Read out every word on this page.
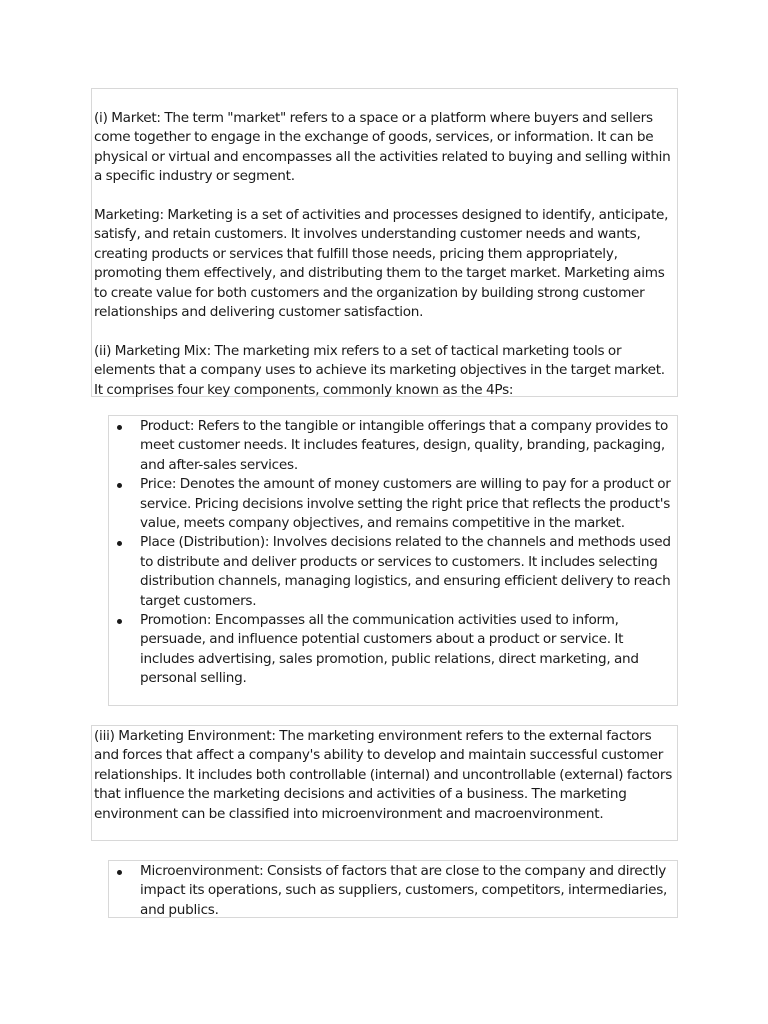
(i) Market: The term "market" refers to a space or a platform where buyers and sellers come together to engage in the exchange of goods, services, or information. It can be physical or virtual and encompasses all the activities related to buying and selling within a specific industry or segment.

Marketing: Marketing is a set of activities and processes designed to identify, anticipate, satisfy, and retain customers. It involves understanding customer needs and wants, creating products or services that fulfill those needs, pricing them appropriately, promoting them effectively, and distributing them to the target market. Marketing aims to create value for both customers and the organization by building strong customer relationships and delivering customer satisfaction.

(ii) Marketing Mix: The marketing mix refers to a set of tactical marketing tools or elements that a company uses to achieve its marketing objectives in the target market. It comprises four key components, commonly known as the 4Ps:

Product: Refers to the tangible or intangible offerings that a company provides to meet customer needs. It includes features, design, quality, branding, packaging, and after-sales services.
Price: Denotes the amount of money customers are willing to pay for a product or service. Pricing decisions involve setting the right price that reflects the product's value, meets company objectives, and remains competitive in the market.
Place (Distribution): Involves decisions related to the channels and methods used to distribute and deliver products or services to customers. It includes selecting distribution channels, managing logistics, and ensuring efficient delivery to reach target customers.
Promotion: Encompasses all the communication activities used to inform, persuade, and influence potential customers about a product or service. It includes advertising, sales promotion, public relations, direct marketing, and personal selling.

(iii) Marketing Environment: The marketing environment refers to the external factors and forces that affect a company's ability to develop and maintain successful customer relationships. It includes both controllable (internal) and uncontrollable (external) factors that influence the marketing decisions and activities of a business. The marketing environment can be classified into microenvironment and macroenvironment.

Microenvironment: Consists of factors that are close to the company and directly impact its operations, such as suppliers, customers, competitors, intermediaries, and publics.
